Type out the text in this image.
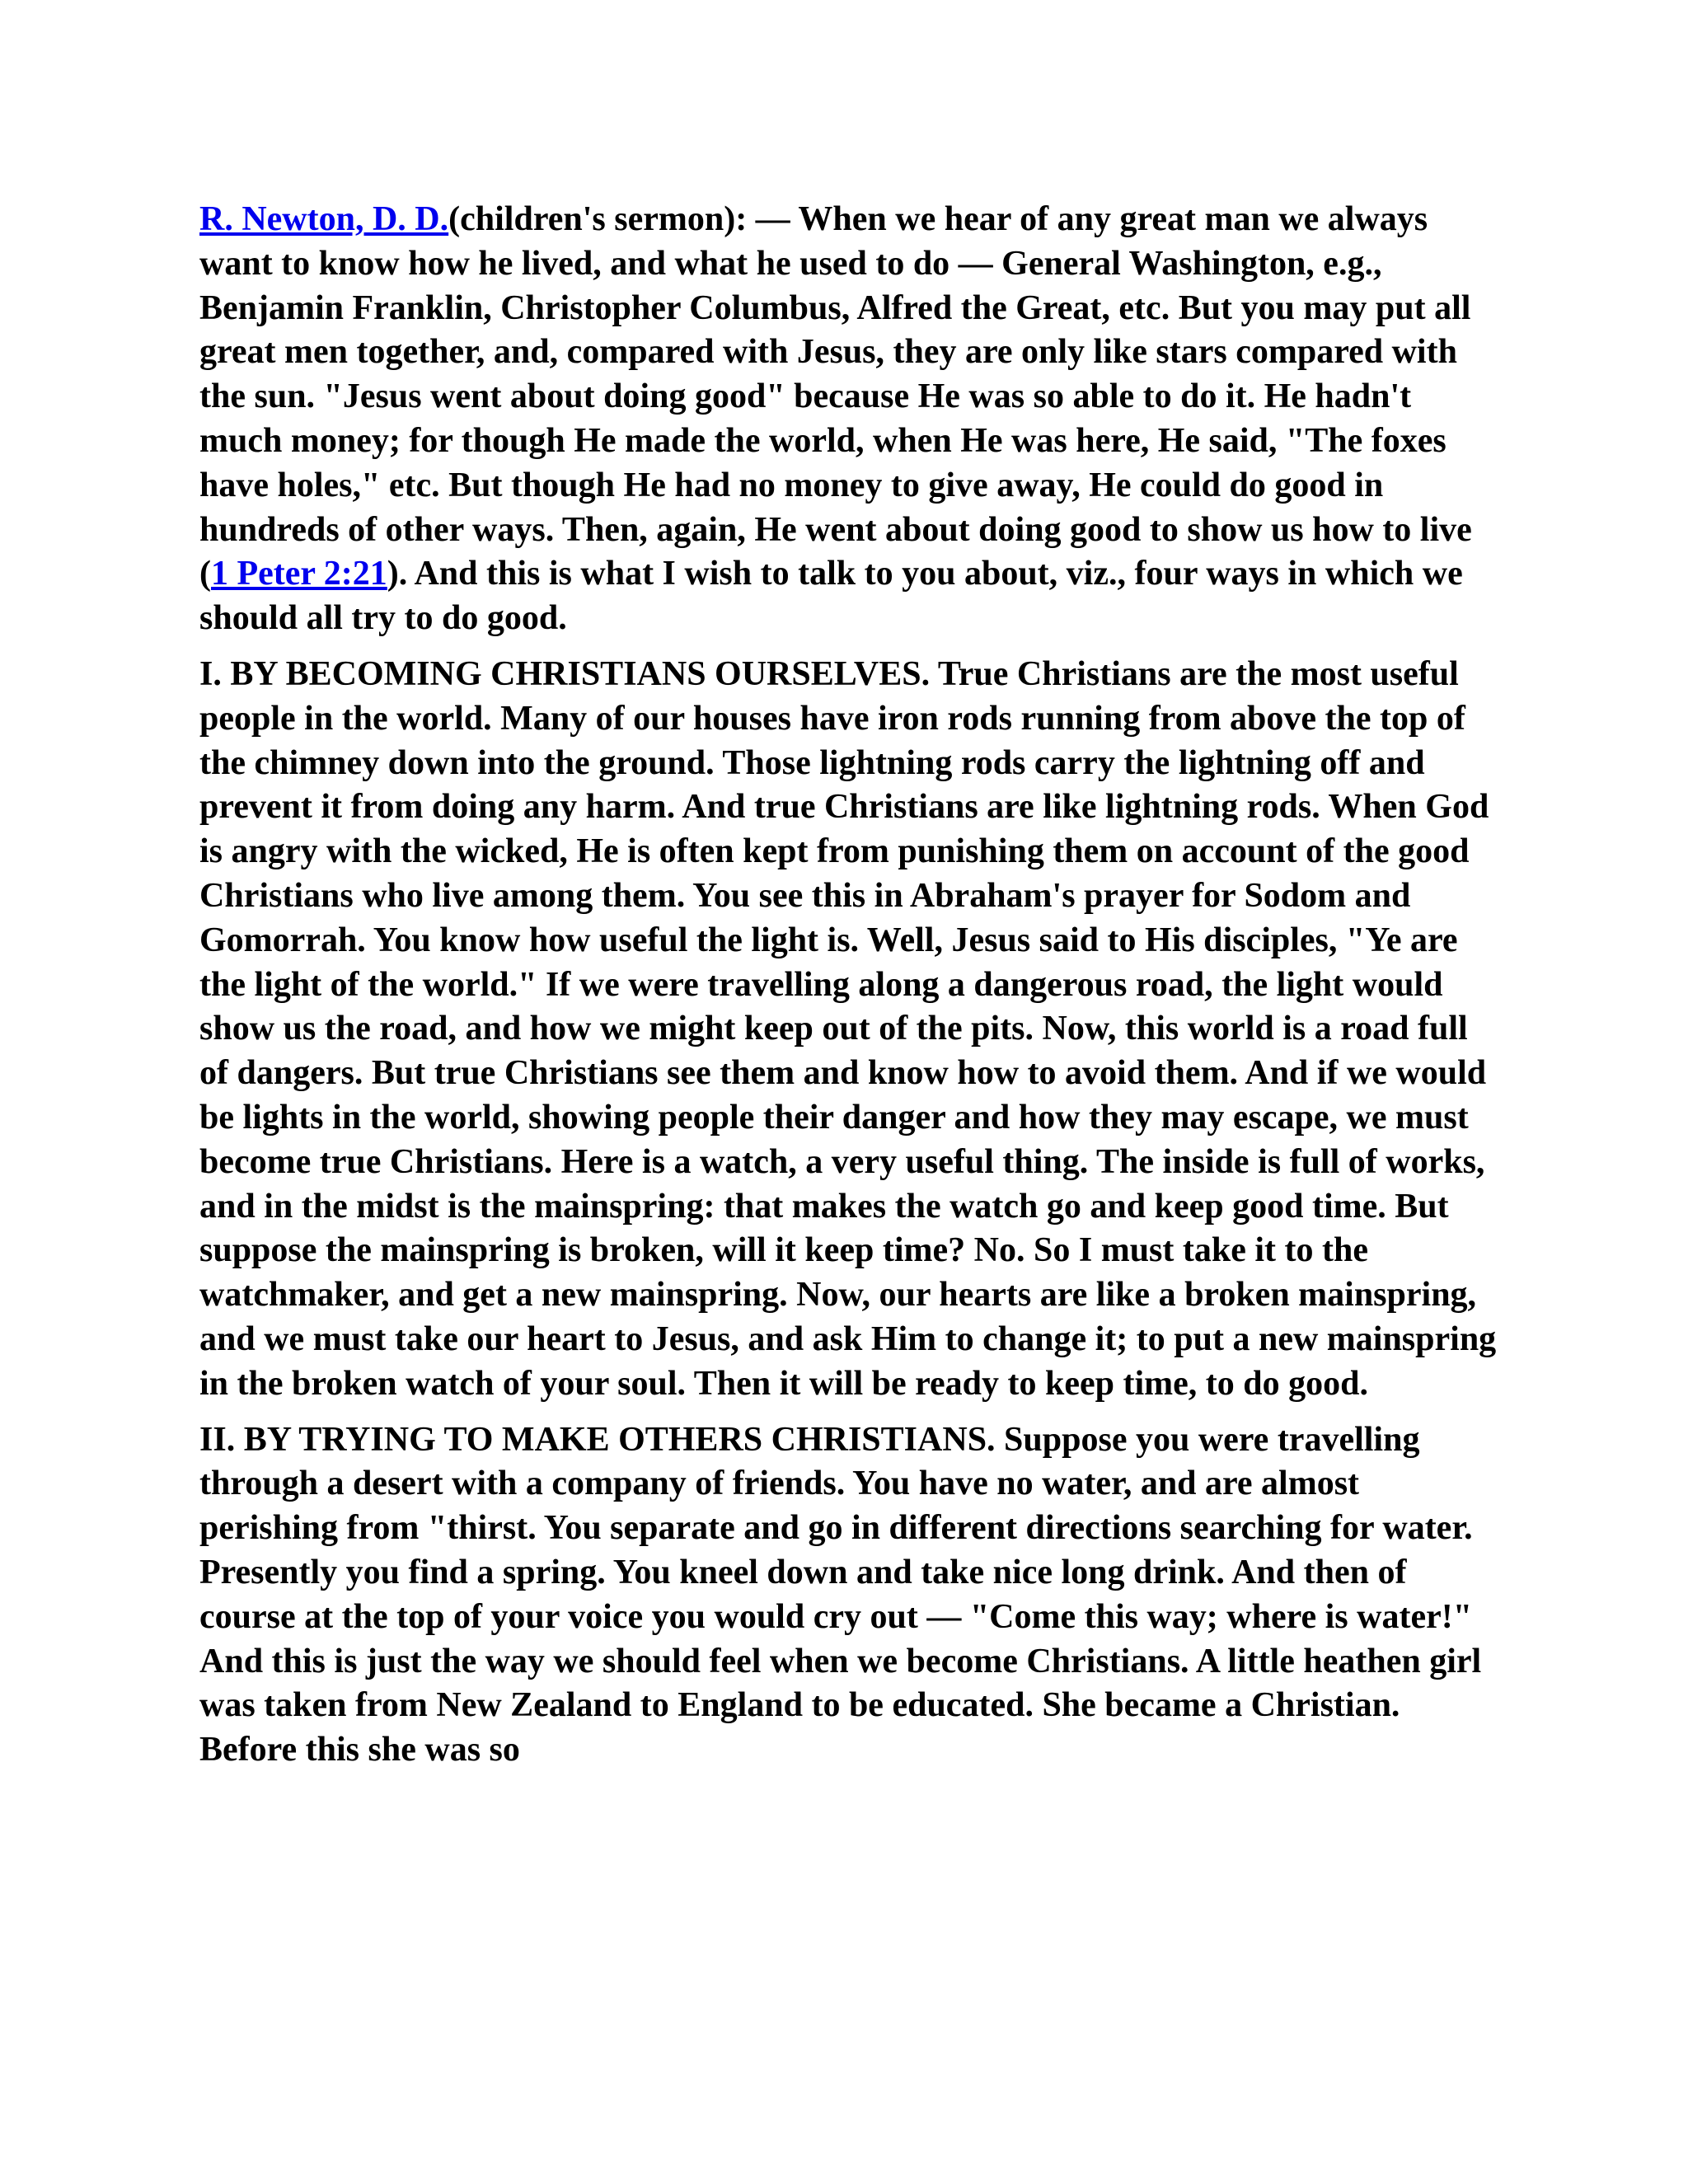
R. Newton, D. D.(children's sermon): — When we hear of any great man we always want to know how he lived, and what he used to do — General Washington, e.g., Benjamin Franklin, Christopher Columbus, Alfred the Great, etc. But you may put all great men together, and, compared with Jesus, they are only like stars compared with the sun. "Jesus went about doing good" because He was so able to do it. He hadn't much money; for though He made the world, when He was here, He said, "The foxes have holes," etc. But though He had no money to give away, He could do good in hundreds of other ways. Then, again, He went about doing good to show us how to live (1 Peter 2:21). And this is what I wish to talk to you about, viz., four ways in which we should all try to do good.

I. BY BECOMING CHRISTIANS OURSELVES. True Christians are the most useful people in the world. Many of our houses have iron rods running from above the top of the chimney down into the ground. Those lightning rods carry the lightning off and prevent it from doing any harm. And true Christians are like lightning rods. When God is angry with the wicked, He is often kept from punishing them on account of the good Christians who live among them. You see this in Abraham's prayer for Sodom and Gomorrah. You know how useful the light is. Well, Jesus said to His disciples, "Ye are the light of the world." If we were travelling along a dangerous road, the light would show us the road, and how we might keep out of the pits. Now, this world is a road full of dangers. But true Christians see them and know how to avoid them. And if we would be lights in the world, showing people their danger and how they may escape, we must become true Christians. Here is a watch, a very useful thing. The inside is full of works, and in the midst is the mainspring: that makes the watch go and keep good time. But suppose the mainspring is broken, will it keep time? No. So I must take it to the watchmaker, and get a new mainspring. Now, our hearts are like a broken mainspring, and we must take our heart to Jesus, and ask Him to change it; to put a new mainspring in the broken watch of your soul. Then it will be ready to keep time, to do good.

II. BY TRYING TO MAKE OTHERS CHRISTIANS. Suppose you were travelling through a desert with a company of friends. You have no water, and are almost perishing from "thirst. You separate and go in different directions searching for water. Presently you find a spring. You kneel down and take nice long drink. And then of course at the top of your voice you would cry out — "Come this way; where is water!" And this is just the way we should feel when we become Christians. A little heathen girl was taken from New Zealand to England to be educated. She became a Christian. Before this she was so
